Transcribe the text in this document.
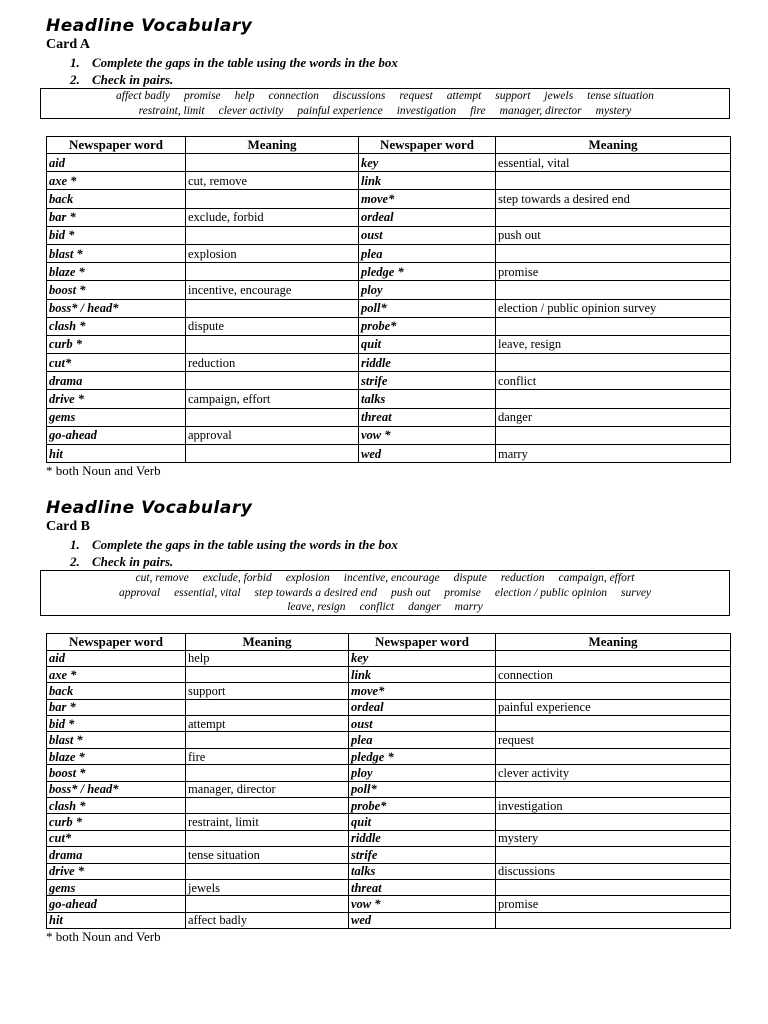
Headline Vocabulary
Card A
1. Complete the gaps in the table using the words in the box
2. Check in pairs.
affect badly promise help connection discussions request attempt support jewels tense situation
restraint, limit clever activity painful experience investigation fire manager, director mystery
Newspaper word	Meaning	Newspaper word	Meaning
aid		key	essential, vital
axe *	cut, remove	link	
back		move*	step towards a desired end
bar *	exclude, forbid	ordeal	
bid *		oust	push out
blast *	explosion	plea	
blaze *		pledge *	promise
boost *	incentive, encourage	ploy	
boss* / head*		poll*	election / public opinion survey
clash *	dispute	probe*	
curb *		quit	leave, resign
cut*	reduction	riddle	
drama		strife	conflict
drive *	campaign, effort	talks	
gems		threat	danger
go-ahead	approval	vow *	
hit		wed	marry
* both Noun and Verb
Headline Vocabulary
Card B
1. Complete the gaps in the table using the words in the box
2. Check in pairs.
cut, remove exclude, forbid explosion incentive, encourage dispute reduction campaign, effort
approval essential, vital step towards a desired end push out promise election / public opinion survey
leave, resign conflict danger marry
Newspaper word	Meaning	Newspaper word	Meaning
aid	help	key	
axe *		link	connection
back	support	move*	
bar *		ordeal	painful experience
bid *	attempt	oust	
blast *		plea	request
blaze *	fire	pledge *	
boost *		ploy	clever activity
boss* / head*	manager, director	poll*	
clash *		probe*	investigation
curb *	restraint, limit	quit	
cut*		riddle	mystery
drama	tense situation	strife	
drive *		talks	discussions
gems	jewels	threat	
go-ahead		vow *	promise
hit	affect badly	wed	
* both Noun and Verb
